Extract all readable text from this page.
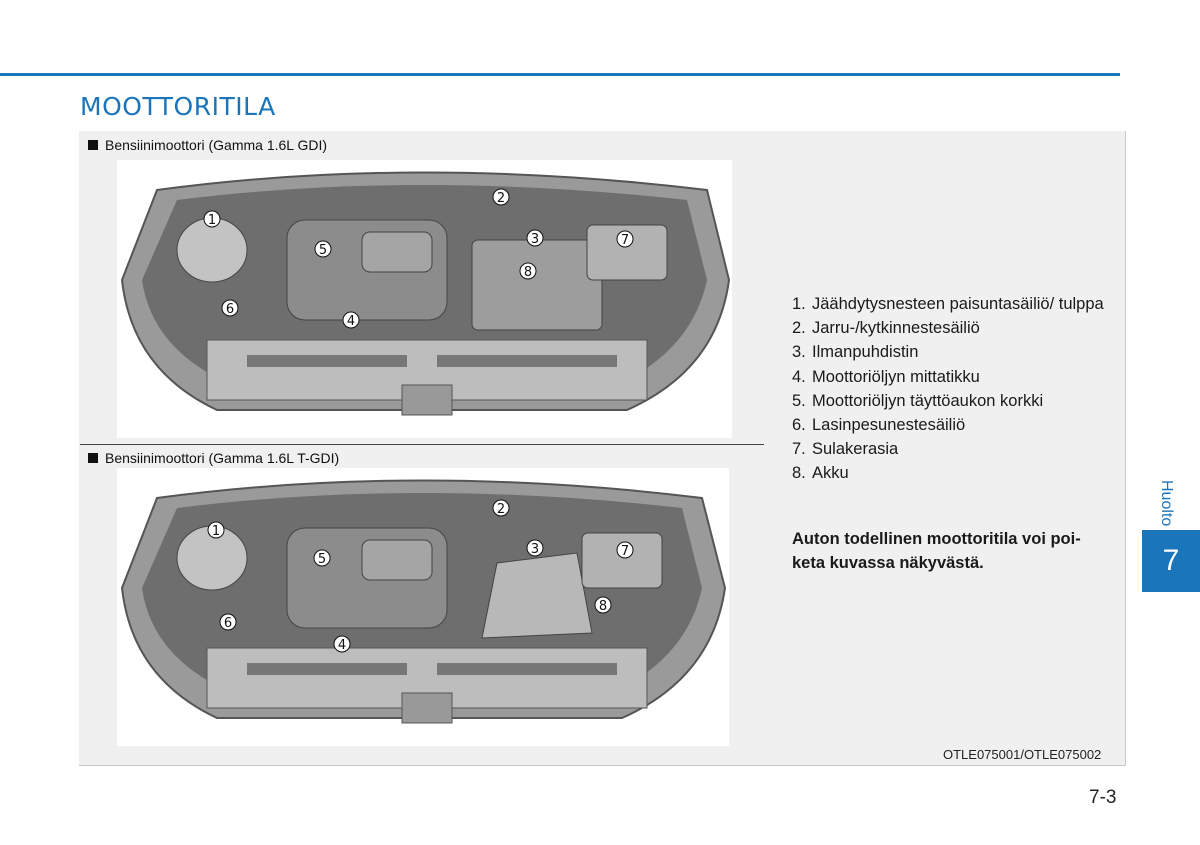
MOOTTORITILA
Bensiinimoottori (Gamma 1.6L GDI)
1
2
3
4
5
6
7
8
Bensiinimoottori (Gamma 1.6L T-GDI)
1
2
3
4
5
6
7
8
1. Jäähdytysnesteen paisuntasäiliö/ tulppa
2. Jarru-/kytkinnestesäiliö
3. Ilmanpuhdistin
4. Moottoriöljyn mittatikku
5. Moottoriöljyn täyttöaukon korkki
6. Lasinpesunestesäiliö
7. Sulakerasia
8. Akku
Auton todellinen moottoritila voi poi-keta kuvassa näkyvästä.
OTLE075001/OTLE075002
Huolto
7
7-3
